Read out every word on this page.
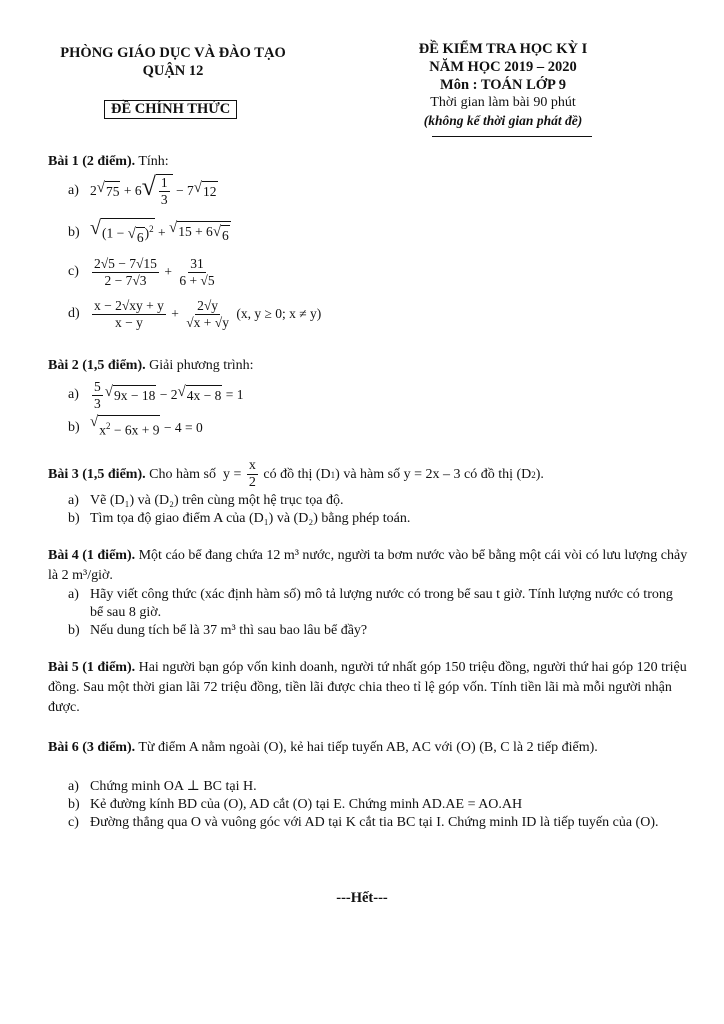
PHÒNG GIÁO DỤC VÀ ĐÀO TẠO
QUẬN 12
ĐỀ CHÍNH THỨC
ĐỀ KIỂM TRA HỌC KỲ I
NĂM HỌC 2019 – 2020
Môn : TOÁN LỚP 9
Thời gian làm bài 90 phút
(không kể thời gian phát đề)
Bài 1 (2 điểm). Tính:
a) 2 √ 75 + 6 √ $\frac{1}{3} - 7$ √ 12
b) √ (1 − √ 6 )$^2$ + √ 15 + 6 √ 6
$c) \frac{2√5 - 7√15}{2 - 7√3} + \frac{31}{6 + √5}$
$d) \frac{x - 2√xy + y}{x - y} + \frac{2√y}{√x + √y}$
(x, y ≥ 0; x ≠ y)
Bài 2 (1,5 điểm). Giải phương trình:
$a) \frac{5}{3}$ √ 9x − 18 − 2 √ 4x − 8 = 1
b) √ $x^2 - 6x + 9 - 4 = 0$
Bài 3 (1,5 điểm). Cho hàm số  $y = \frac{x}{2}$ có đồ thị (D 1 ) và hàm số y = 2x – 3 có đồ thị (D 2 ).
a) Vẽ (D₁) và (D₂) trên cùng một hệ trục tọa độ.
b) Tìm tọa độ giao điểm A của (D₁) và (D₂) bằng phép toán.
Bài 4 (1 điểm). Một cáo bể đang chứa 12 m³ nước, người ta bơm nước vào bể bằng một cái vòi có lưu lượng chảy là 2 m³/giờ.
a) Hãy viết công thức (xác định hàm số) mô tả lượng nước có trong bể sau t giờ. Tính lượng nước có trong bể sau 8 giờ.
b) Nếu dung tích bể là 37 m³ thì sau bao lâu bể đầy?
Bài 5 (1 điểm). Hai người bạn góp vốn kinh doanh, người tứ nhất góp 150 triệu đồng, người thứ hai góp 120 triệu đồng. Sau một thời gian lãi 72 triệu đồng, tiền lãi được chia theo tỉ lệ góp vốn. Tính tiền lãi mà mỗi người nhận được.
Bài 6 (3 điểm). Từ điểm A nằm ngoài (O), kẻ hai tiếp tuyến AB, AC với (O) (B, C là 2 tiếp điểm).
a) Chứng minh OA ⊥ BC tại H.
b) Kẻ đường kính BD của (O), AD cắt (O) tại E. Chứng minh AD.AE = AO.AH
c) Đường thẳng qua O và vuông góc với AD tại K cắt tia BC tại I. Chứng minh ID là tiếp tuyến của (O).
---Hết---
